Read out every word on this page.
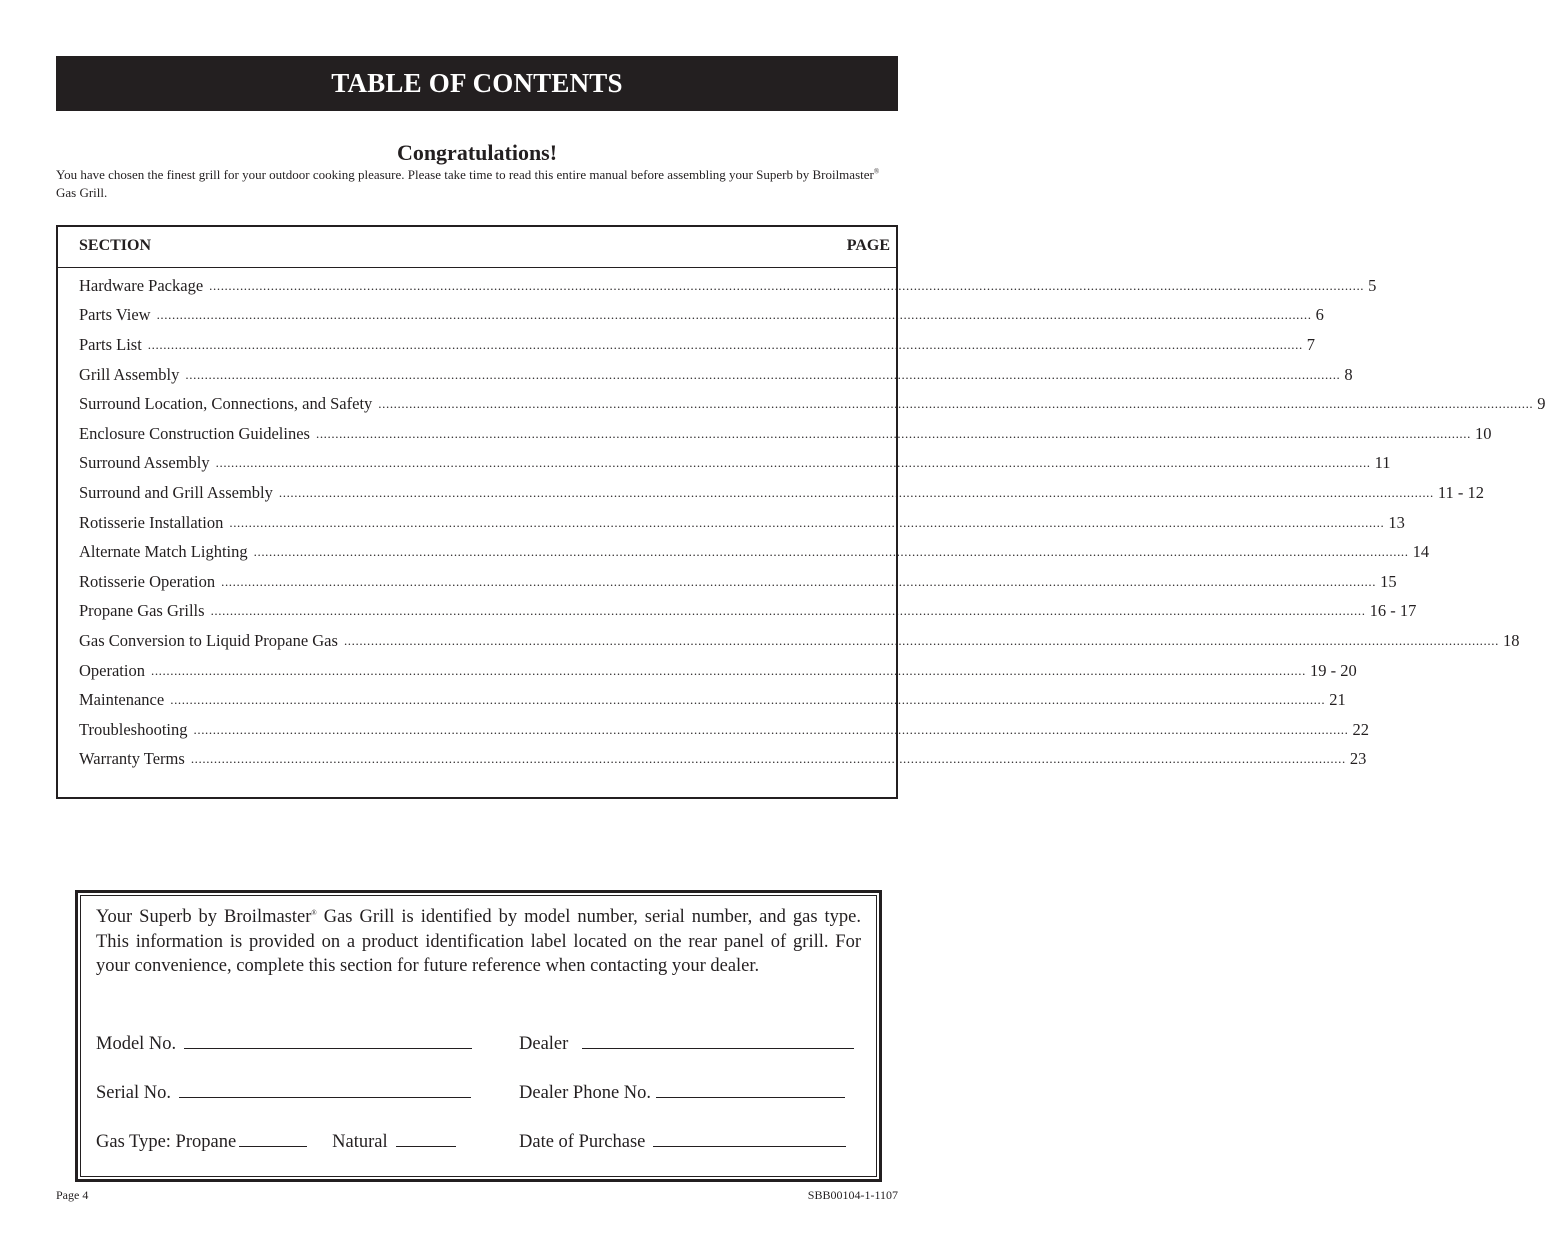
TABLE OF CONTENTS
Congratulations!
You have chosen the finest grill for your outdoor cooking pleasure. Please take time to read this entire manual before assembling your Superb by Broilmaster® Gas Grill.
SECTION	PAGE
Hardware Package ............................................................................................................................................................................................................................................................................................................ 5
Parts View ............................................................................................................................................................................................................................................................................................................ 6
Parts List ............................................................................................................................................................................................................................................................................................................ 7
Grill Assembly ............................................................................................................................................................................................................................................................................................................ 8
Surround Location, Connections, and Safety ............................................................................................................................................................................................................................................................................................................ 9
Enclosure Construction Guidelines ............................................................................................................................................................................................................................................................................................................ 10
Surround Assembly ............................................................................................................................................................................................................................................................................................................ 11
Surround and Grill Assembly ............................................................................................................................................................................................................................................................................................................ 11 - 12
Rotisserie Installation ............................................................................................................................................................................................................................................................................................................ 13
Alternate Match Lighting ............................................................................................................................................................................................................................................................................................................ 14
Rotisserie Operation ............................................................................................................................................................................................................................................................................................................ 15
Propane Gas Grills ............................................................................................................................................................................................................................................................................................................ 16 - 17
Gas Conversion to Liquid Propane Gas ............................................................................................................................................................................................................................................................................................................ 18
Operation ............................................................................................................................................................................................................................................................................................................ 19 - 20
Maintenance ............................................................................................................................................................................................................................................................................................................ 21
Troubleshooting ............................................................................................................................................................................................................................................................................................................ 22
Warranty Terms ............................................................................................................................................................................................................................................................................................................ 23
Your Superb by Broilmaster® Gas Grill is identified by model number, serial number, and gas type. This information is provided on a product identification label located on the rear panel of grill. For your convenience, complete this section for future reference when contacting your dealer.
Model No.	Dealer
Serial No.	Dealer Phone No.
Gas Type: Propane	Natural	Date of Purchase
Page 4	SBB00104-1-1107
